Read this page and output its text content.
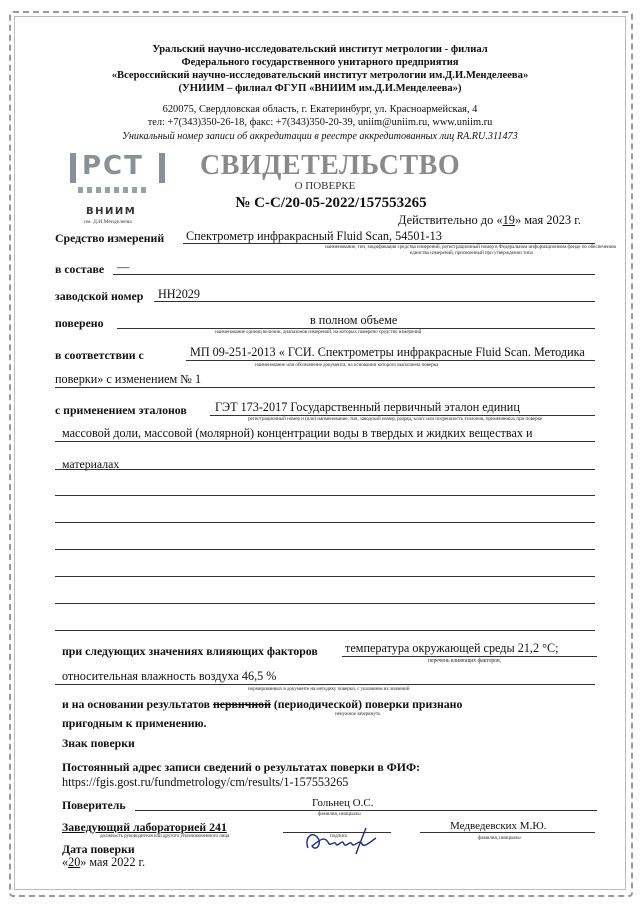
Уральский научно-исследовательский институт метрологии - филиал
Федерального государственного унитарного предприятия
«Всероссийский научно-исследовательский институт метрологии им.Д.И.Менделеева»
(УНИИМ – филиал ФГУП «ВНИИМ им.Д.И.Менделеева»)
620075, Свердловская область, г. Екатеринбург, ул. Красноармейская, 4
тел: +7(343)350-26-18, факс: +7(343)350-20-39, uniim@uniim.ru, www.uniim.ru
Уникальный номер записи об аккредитации в реестре аккредитованных лиц RA.RU.311473
PCT
ВНИИМ
им. Д.И.Менделеева
СВИДЕТЕЛЬСТВО
О ПОВЕРКЕ
№ С-С/20-05-2022/157553265
Действительно до «19» мая 2023 г.
Средство измерений Спектрометр инфракрасный Fluid Scan, 54501-13
наименование, тип, модификация средства измерений, регистрационный номер в Федеральном информационном фонде по обеспечению
единства измерений, присвоенный при утверждении типа
в составе —
заводской номер НН2029
поверено	в полном объеме
наименование единиц величин, диапазонов измерений, на которых поверено средство измерений
в соответствии с	МП 09-251-2013 « ГСИ. Спектрометры инфракрасные Fluid Scan. Методика
наименование или обозначение документа, на основании которого выполнена поверка
поверки» с изменением № 1
с применением эталонов ГЭТ 173-2017 Государственный первичный эталон единиц
регистрационный номер и (или) наименование, тип, заводской номер, разряд, класс или погрешность эталонов, применяемых при поверке
массовой доли, массовой (молярной) концентрации воды в твердых и жидких веществах и
материалах
при следующих значениях влияющих факторов температура окружающей среды 21,2 °С;
перечень влияющих факторов,
относительная влажность воздуха 46,5 %
нормированных в документе на методику поверки, с указанием их значений
и на основании результатов первичной (периодической) поверки признано
ненужное зачеркнуть
пригодным к применению.
Знак поверки
Постоянный адрес записи сведений о результатах поверки в ФИФ:
https://fgis.gost.ru/fundmetrology/cm/results/1-157553265
Поверитель	Гольнец О.С.
фамилия, инициалы
Заведующий лабораторией 241
должность руководителя или другого уполномоченного лица	подпись
Медведевских М.Ю.
фамилия, инициалы
Дата поверки
«20» мая 2022 г.
